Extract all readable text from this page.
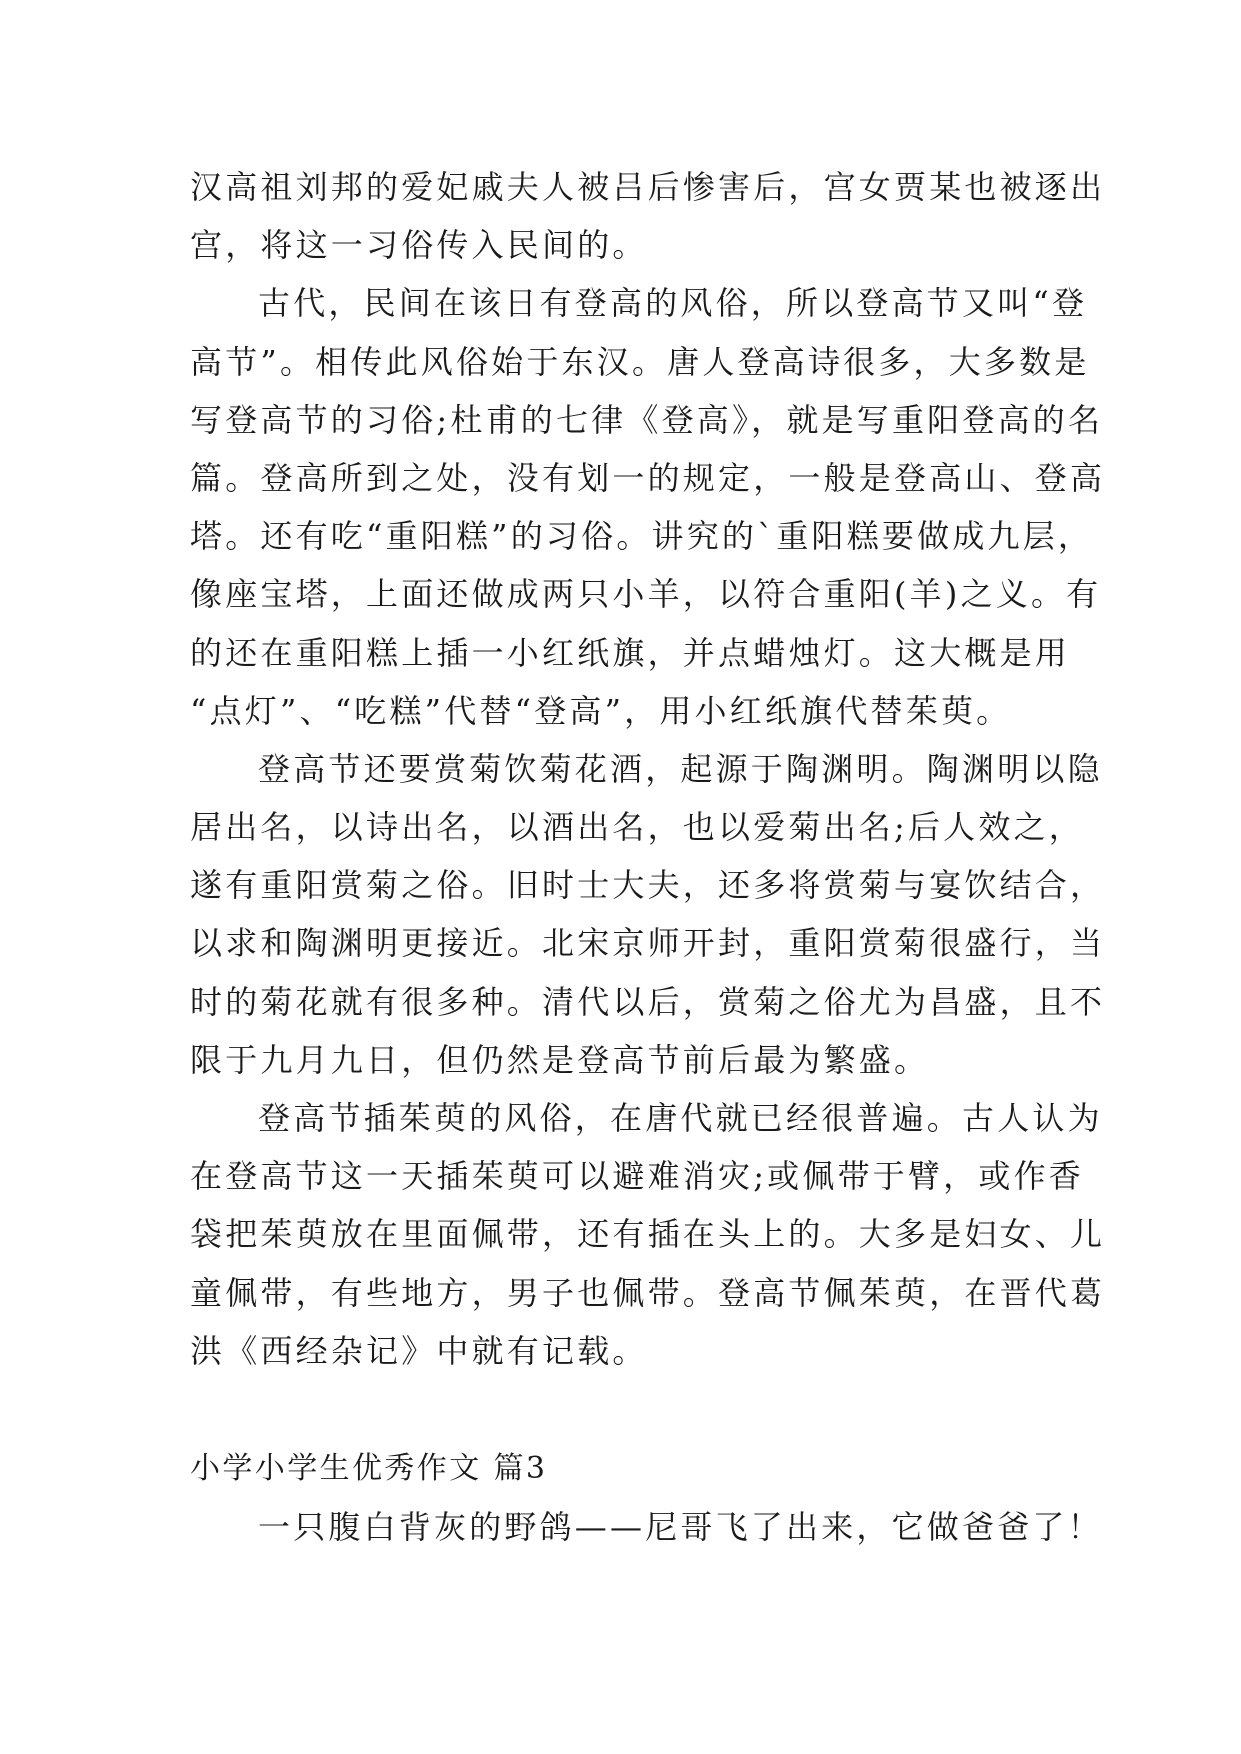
汉高祖刘邦的爱妃戚夫人被吕后惨害后，宫女贾某也被逐出
宫，将这一习俗传入民间的。
古代，民间在该日有登高的风俗，所以登高节又叫“登
高节”。相传此风俗始于东汉。唐人登高诗很多，大多数是
写登高节的习俗;杜甫的七律《登高》，就是写重阳登高的名
篇。登高所到之处，没有划一的规定，一般是登高山、登高
塔。还有吃“重阳糕”的习俗。讲究的`重阳糕要做成九层，
像座宝塔，上面还做成两只小羊，以符合重阳(羊)之义。有
的还在重阳糕上插一小红纸旗，并点蜡烛灯。这大概是用
“点灯”、“吃糕”代替“登高”，用小红纸旗代替茱萸。
登高节还要赏菊饮菊花酒，起源于陶渊明。陶渊明以隐
居出名，以诗出名，以酒出名，也以爱菊出名;后人效之，
遂有重阳赏菊之俗。旧时士大夫，还多将赏菊与宴饮结合，
以求和陶渊明更接近。北宋京师开封，重阳赏菊很盛行，当
时的菊花就有很多种。清代以后，赏菊之俗尤为昌盛，且不
限于九月九日，但仍然是登高节前后最为繁盛。
登高节插茱萸的风俗，在唐代就已经很普遍。古人认为
在登高节这一天插茱萸可以避难消灾;或佩带于臂，或作香
袋把茱萸放在里面佩带，还有插在头上的。大多是妇女、儿
童佩带，有些地方，男子也佩带。登高节佩茱萸，在晋代葛
洪《西经杂记》中就有记载。
小学小学生优秀作文 篇3
一只腹白背灰的野鸽——尼哥飞了出来，它做爸爸了！
